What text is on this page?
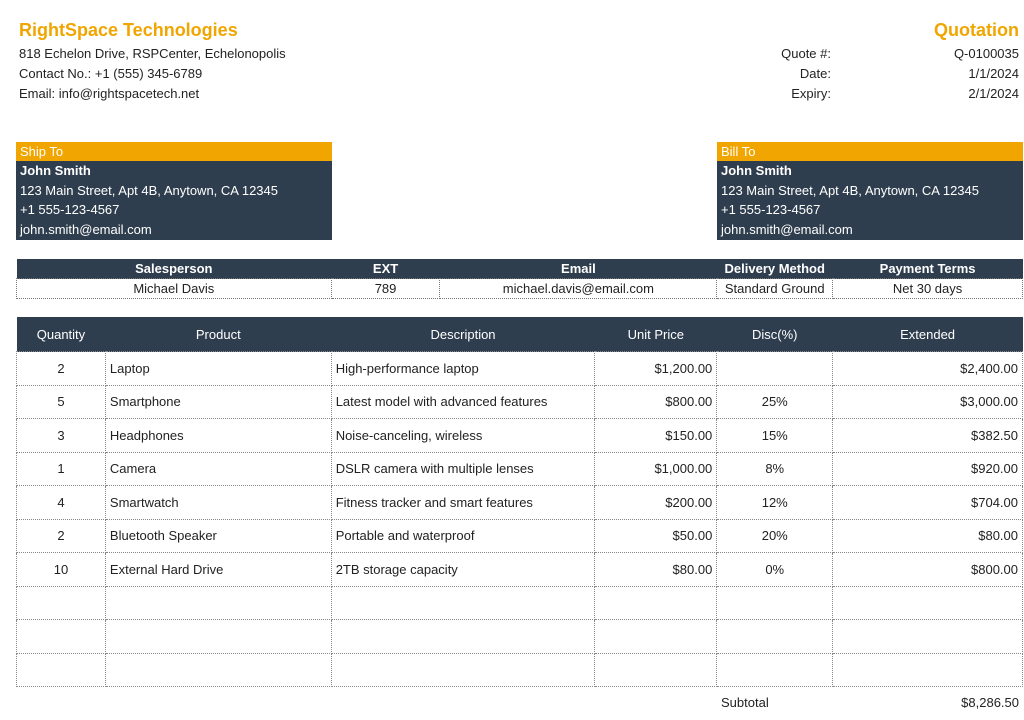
RightSpace Technologies
818 Echelon Drive, RSPCenter, Echelonopolis
Contact No.: +1 (555) 345-6789
Email: info@rightspacetech.net
Quotation
Quote #:	Q-0100035
Date:	1/1/2024
Expiry:	2/1/2024
Ship To
John Smith
123 Main Street, Apt 4B, Anytown, CA 12345
+1 555-123-4567
john.smith@email.com
Bill To
John Smith
123 Main Street, Apt 4B, Anytown, CA 12345
+1 555-123-4567
john.smith@email.com
Salesperson	EXT	Email	Delivery Method	Payment Terms
Michael Davis	789	michael.davis@email.com	Standard Ground	Net 30 days
Quantity	Product	Description	Unit Price	Disc(%)	Extended
2	Laptop	High-performance laptop	$1,200.00		$2,400.00
5	Smartphone	Latest model with advanced features	$800.00	25%	$3,000.00
3	Headphones	Noise-canceling, wireless	$150.00	15%	$382.50
1	Camera	DSLR camera with multiple lenses	$1,000.00	8%	$920.00
4	Smartwatch	Fitness tracker and smart features	$200.00	12%	$704.00
2	Bluetooth Speaker	Portable and waterproof	$50.00	20%	$80.00
10	External Hard Drive	2TB storage capacity	$80.00	0%	$800.00

Subtotal	$8,286.50
